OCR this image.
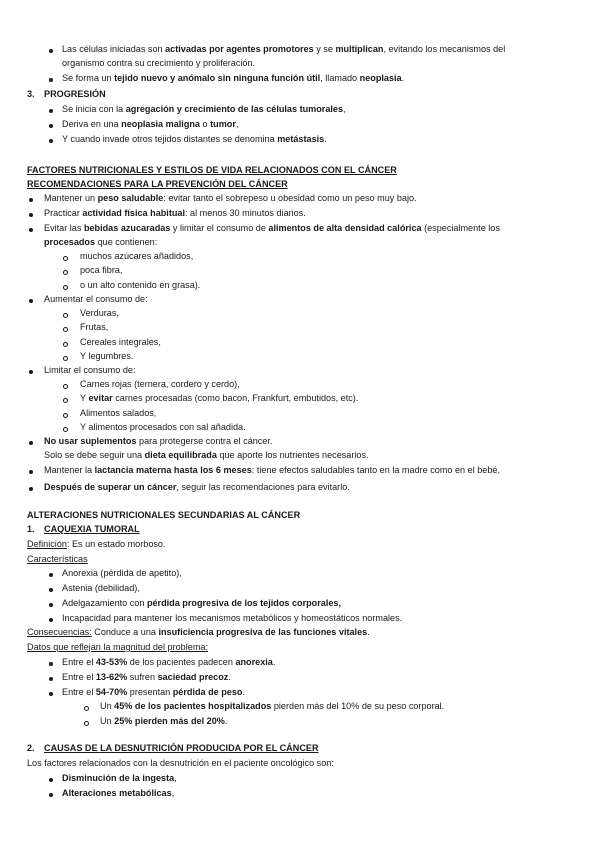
Las células iniciadas son activadas por agentes promotores y se multiplican, evitando los mecanismos del
organismo contra su crecimiento y proliferación.
Se forma un tejido nuevo y anómalo sin ninguna función útil, llamado neoplasia.
3. PROGRESIÓN
Se inicia con la agregación y crecimiento de las células tumorales,
Deriva en una neoplasia maligna o tumor,
Y cuando invade otros tejidos distantes se denomina metástasis.
FACTORES NUTRICIONALES Y ESTILOS DE VIDA RELACIONADOS CON EL CÁNCER
RECOMENDACIONES PARA LA PREVENCIÓN DEL CÁNCER
Mantener un peso saludable: evitar tanto el sobrepeso u obesidad como un peso muy bajo.
Practicar actividad física habitual: al menos 30 minutos diarios.
Evitar las bebidas azucaradas y limitar el consumo de alimentos de alta densidad calórica (especialmente los
procesados que contienen:
muchos azúcares añadidos,
poca fibra,
o un alto contenido en grasa).
Aumentar el consumo de:
Verduras,
Frutas,
Cereales integrales,
Y legumbres.
Limitar el consumo de:
Carnes rojas (ternera, cordero y cerdo),
Y evitar carnes procesadas (como bacon, Frankfurt, embutidos, etc).
Alimentos salados,
Y alimentos procesados con sal añadida.
No usar suplementos para protegerse contra el cáncer.
Solo se debe seguir una dieta equilibrada que aporte los nutrientes necesarios.
Mantener la lactancia materna hasta los 6 meses: tiene efectos saludables tanto en la madre como en el bebé.
Después de superar un cáncer, seguir las recomendaciones para evitarlo.
ALTERACIONES NUTRICIONALES SECUNDARIAS AL CÁNCER
1. CAQUEXIA TUMORAL
Definición: Es un estado morboso.
Características
Anorexia (pérdida de apetito),
Astenia (debilidad),
Adelgazamiento con pérdida progresiva de los tejidos corporales,
Incapacidad para mantener los mecanismos metabólicos y homeostáticos normales.
Consecuencias: Conduce a una insuficiencia progresiva de las funciones vitales.
Datos que reflejan la magnitud del problema:
Entre el 43-53% de los pacientes padecen anorexia.
Entre el 13-62% sufren saciedad precoz.
Entre el 54-70% presentan pérdida de peso.
Un 45% de los pacientes hospitalizados pierden más del 10% de su peso corporal.
Un 25% pierden más del 20%.
2. CAUSAS DE LA DESNUTRICIÓN PRODUCIDA POR EL CÁNCER
Los factores relacionados con la desnutrición en el paciente oncológico son:
Disminución de la ingesta,
Alteraciones metabólicas,
